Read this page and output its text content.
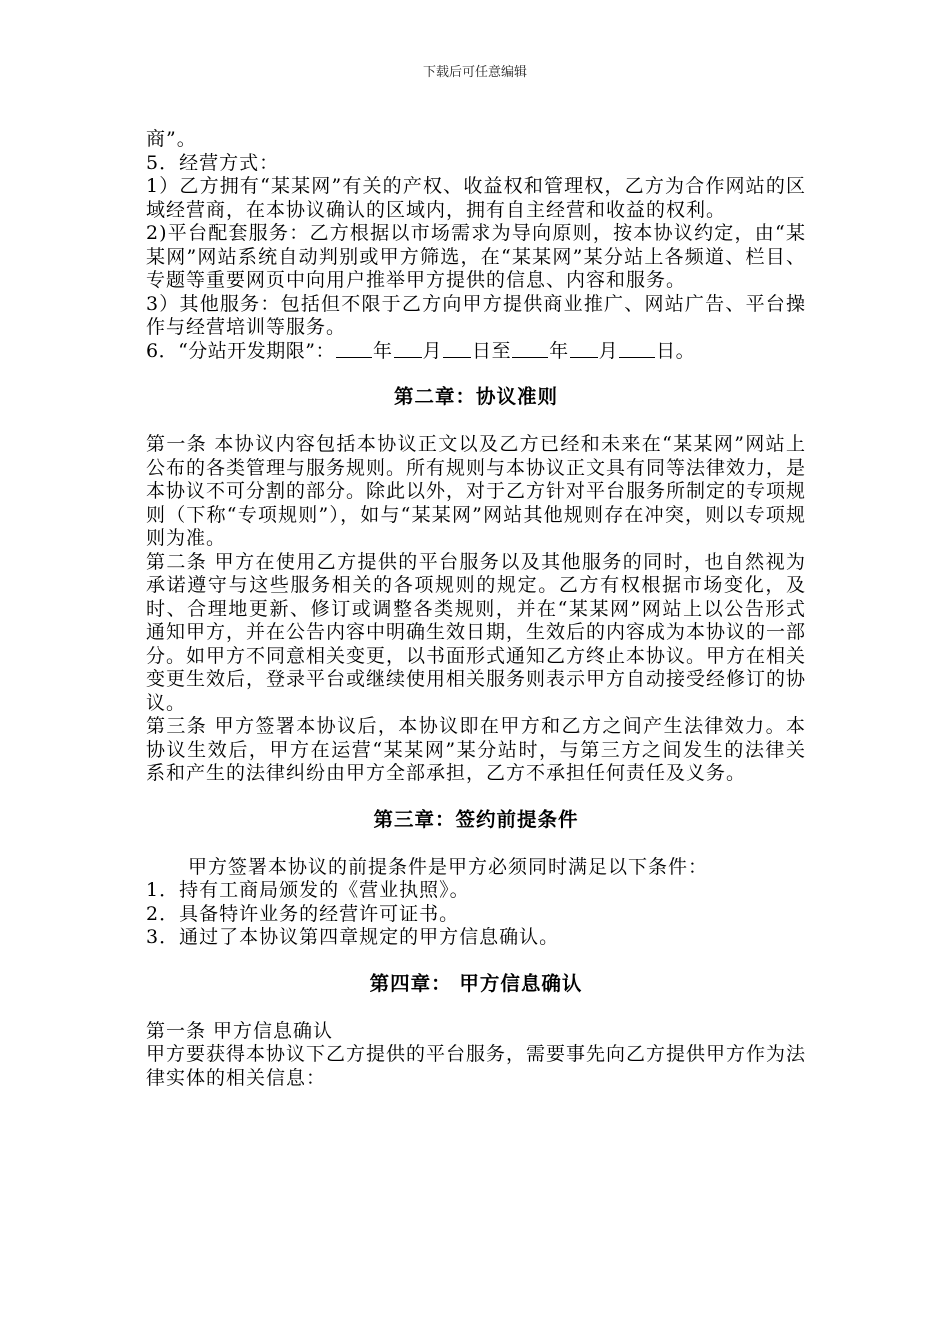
下载后可任意编辑

商”。

5．经营方式：

1）乙方拥有“某某网”有关的产权、收益权和管理权，乙方为合作网站的区域经营商，在本协议确认的区域内，拥有自主经营和收益的权利。

2)平台配套服务：乙方根据以市场需求为导向原则，按本协议约定，由“某某网”网站系统自动判别或甲方筛选，在“某某网”某分站上各频道、栏目、专题等重要网页中向用户推举甲方提供的信息、内容和服务。

3）其他服务：包括但不限于乙方向甲方提供商业推广、网站广告、平台操作与经营培训等服务。

6．“分站开发期限”： 年 月 日至 年 月 日。

第二章：协议准则

第一条 本协议内容包括本协议正文以及乙方已经和未来在“某某网”网站上公布的各类管理与服务规则。所有规则与本协议正文具有同等法律效力，是本协议不可分割的部分。除此以外，对于乙方针对平台服务所制定的专项规则（下称“专项规则”），如与“某某网”网站其他规则存在冲突，则以专项规则为准。

第二条 甲方在使用乙方提供的平台服务以及其他服务的同时，也自然视为承诺遵守与这些服务相关的各项规则的规定。乙方有权根据市场变化，及时、合理地更新、修订或调整各类规则，并在“某某网”网站上以公告形式通知甲方，并在公告内容中明确生效日期，生效后的内容成为本协议的一部分。如甲方不同意相关变更，以书面形式通知乙方终止本协议。甲方在相关变更生效后，登录平台或继续使用相关服务则表示甲方自动接受经修订的协议。

第三条 甲方签署本协议后，本协议即在甲方和乙方之间产生法律效力。本协议生效后，甲方在运营“某某网”某分站时，与第三方之间发生的法律关系和产生的法律纠纷由甲方全部承担，乙方不承担任何责任及义务。

第三章：签约前提条件

甲方签署本协议的前提条件是甲方必须同时满足以下条件：

1．持有工商局颁发的《营业执照》。

2．具备特许业务的经营许可证书。

3．通过了本协议第四章规定的甲方信息确认。

第四章： 甲方信息确认

第一条 甲方信息确认

甲方要获得本协议下乙方提供的平台服务，需要事先向乙方提供甲方作为法律实体的相关信息：
